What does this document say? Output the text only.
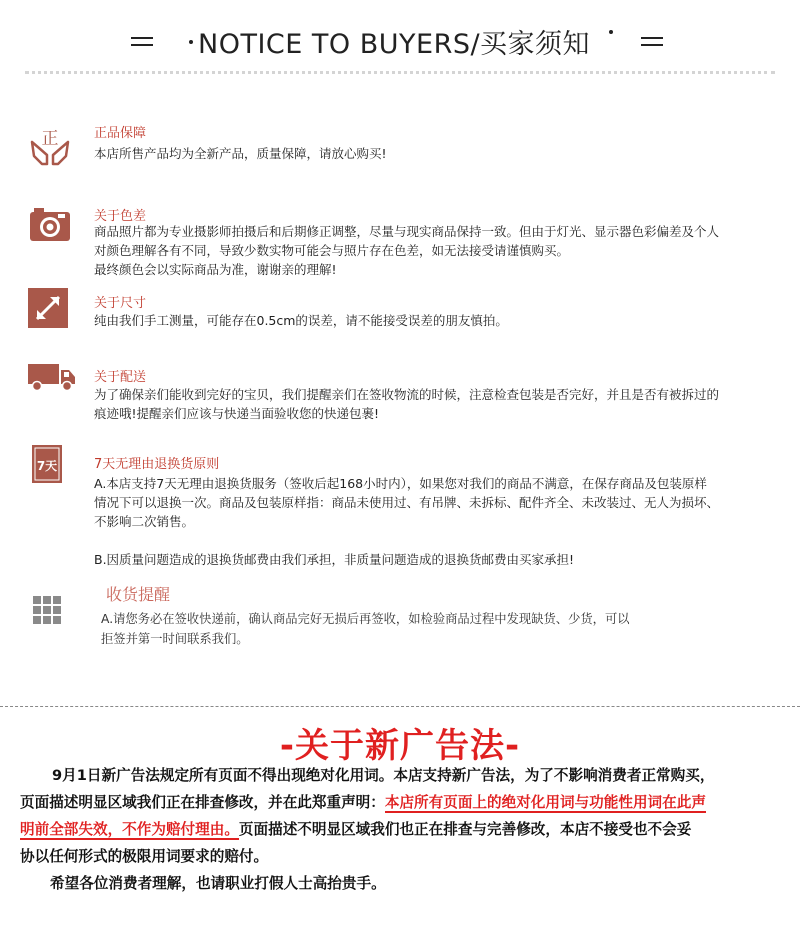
NOTICE TO BUYERS/买家须知
正	正品保障

本店所售产品均为全新产品，质量保障，请放心购买!

关于色差

商品照片都为专业摄影师拍摄后和后期修正调整，尽量与现实商品保持一致。但由于灯光、显示器色彩偏差及个人

对颜色理解各有不同，导致少数实物可能会与照片存在色差，如无法接受请谨慎购买。

最终颜色会以实际商品为准，谢谢亲的理解!

关于尺寸

纯由我们手工测量，可能存在0.5cm的误差，请不能接受误差的朋友慎拍。

关于配送

为了确保亲们能收到完好的宝贝，我们提醒亲们在签收物流的时候，注意检查包装是否完好，并且是否有被拆过的

痕迹哦!提醒亲们应该与快递当面验收您的快递包裹!

7天	7天无理由退换货原则

A.本店支持7天无理由退换货服务（签收后起168小时内），如果您对我们的商品不满意，在保存商品及包装原样

情况下可以退换一次。商品及包装原样指：商品未使用过、有吊牌、未拆标、配件齐全、未改装过、无人为损坏、

不影响二次销售。

B.因质量问题造成的退换货邮费由我们承担，非质量问题造成的退换货邮费由买家承担!

收货提醒

A.请您务必在签收快递前，确认商品完好无损后再签收，如检验商品过程中发现缺货、少货，可以

拒签并第一时间联系我们。

-关于新广告法-

9月1日新广告法规定所有页面不得出现绝对化用词。本店支持新广告法，为了不影响消费者正常购买，

页面描述明显区域我们正在排查修改，并在此郑重声明：本店所有页面上的绝对化用词与功能性用词在此声

明前全部失效，不作为赔付理由。页面描述不明显区域我们也正在排查与完善修改，本店不接受也不会妥

协以任何形式的极限用词要求的赔付。

希望各位消费者理解，也请职业打假人士高抬贵手。
